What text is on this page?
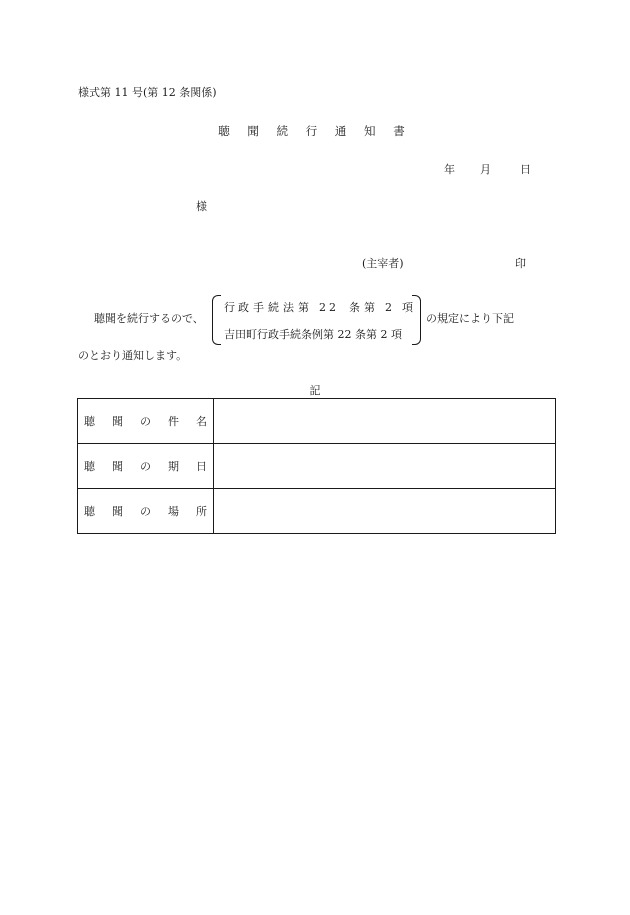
様式第 11 号(第 12 条関係)
聴 聞 続 行 通 知 書
年 月	日
様
(主宰者)	印
聴聞を続行するので、
行 政 手 続 法 第 2 2 条 第 2 項
吉田町行政手続条例第 22 条第 2 項
の規定により下記
のとおり通知します。
記
聴 聞 の 件 名	

聴 聞 の 期 日	

聴 聞 の 場 所	
